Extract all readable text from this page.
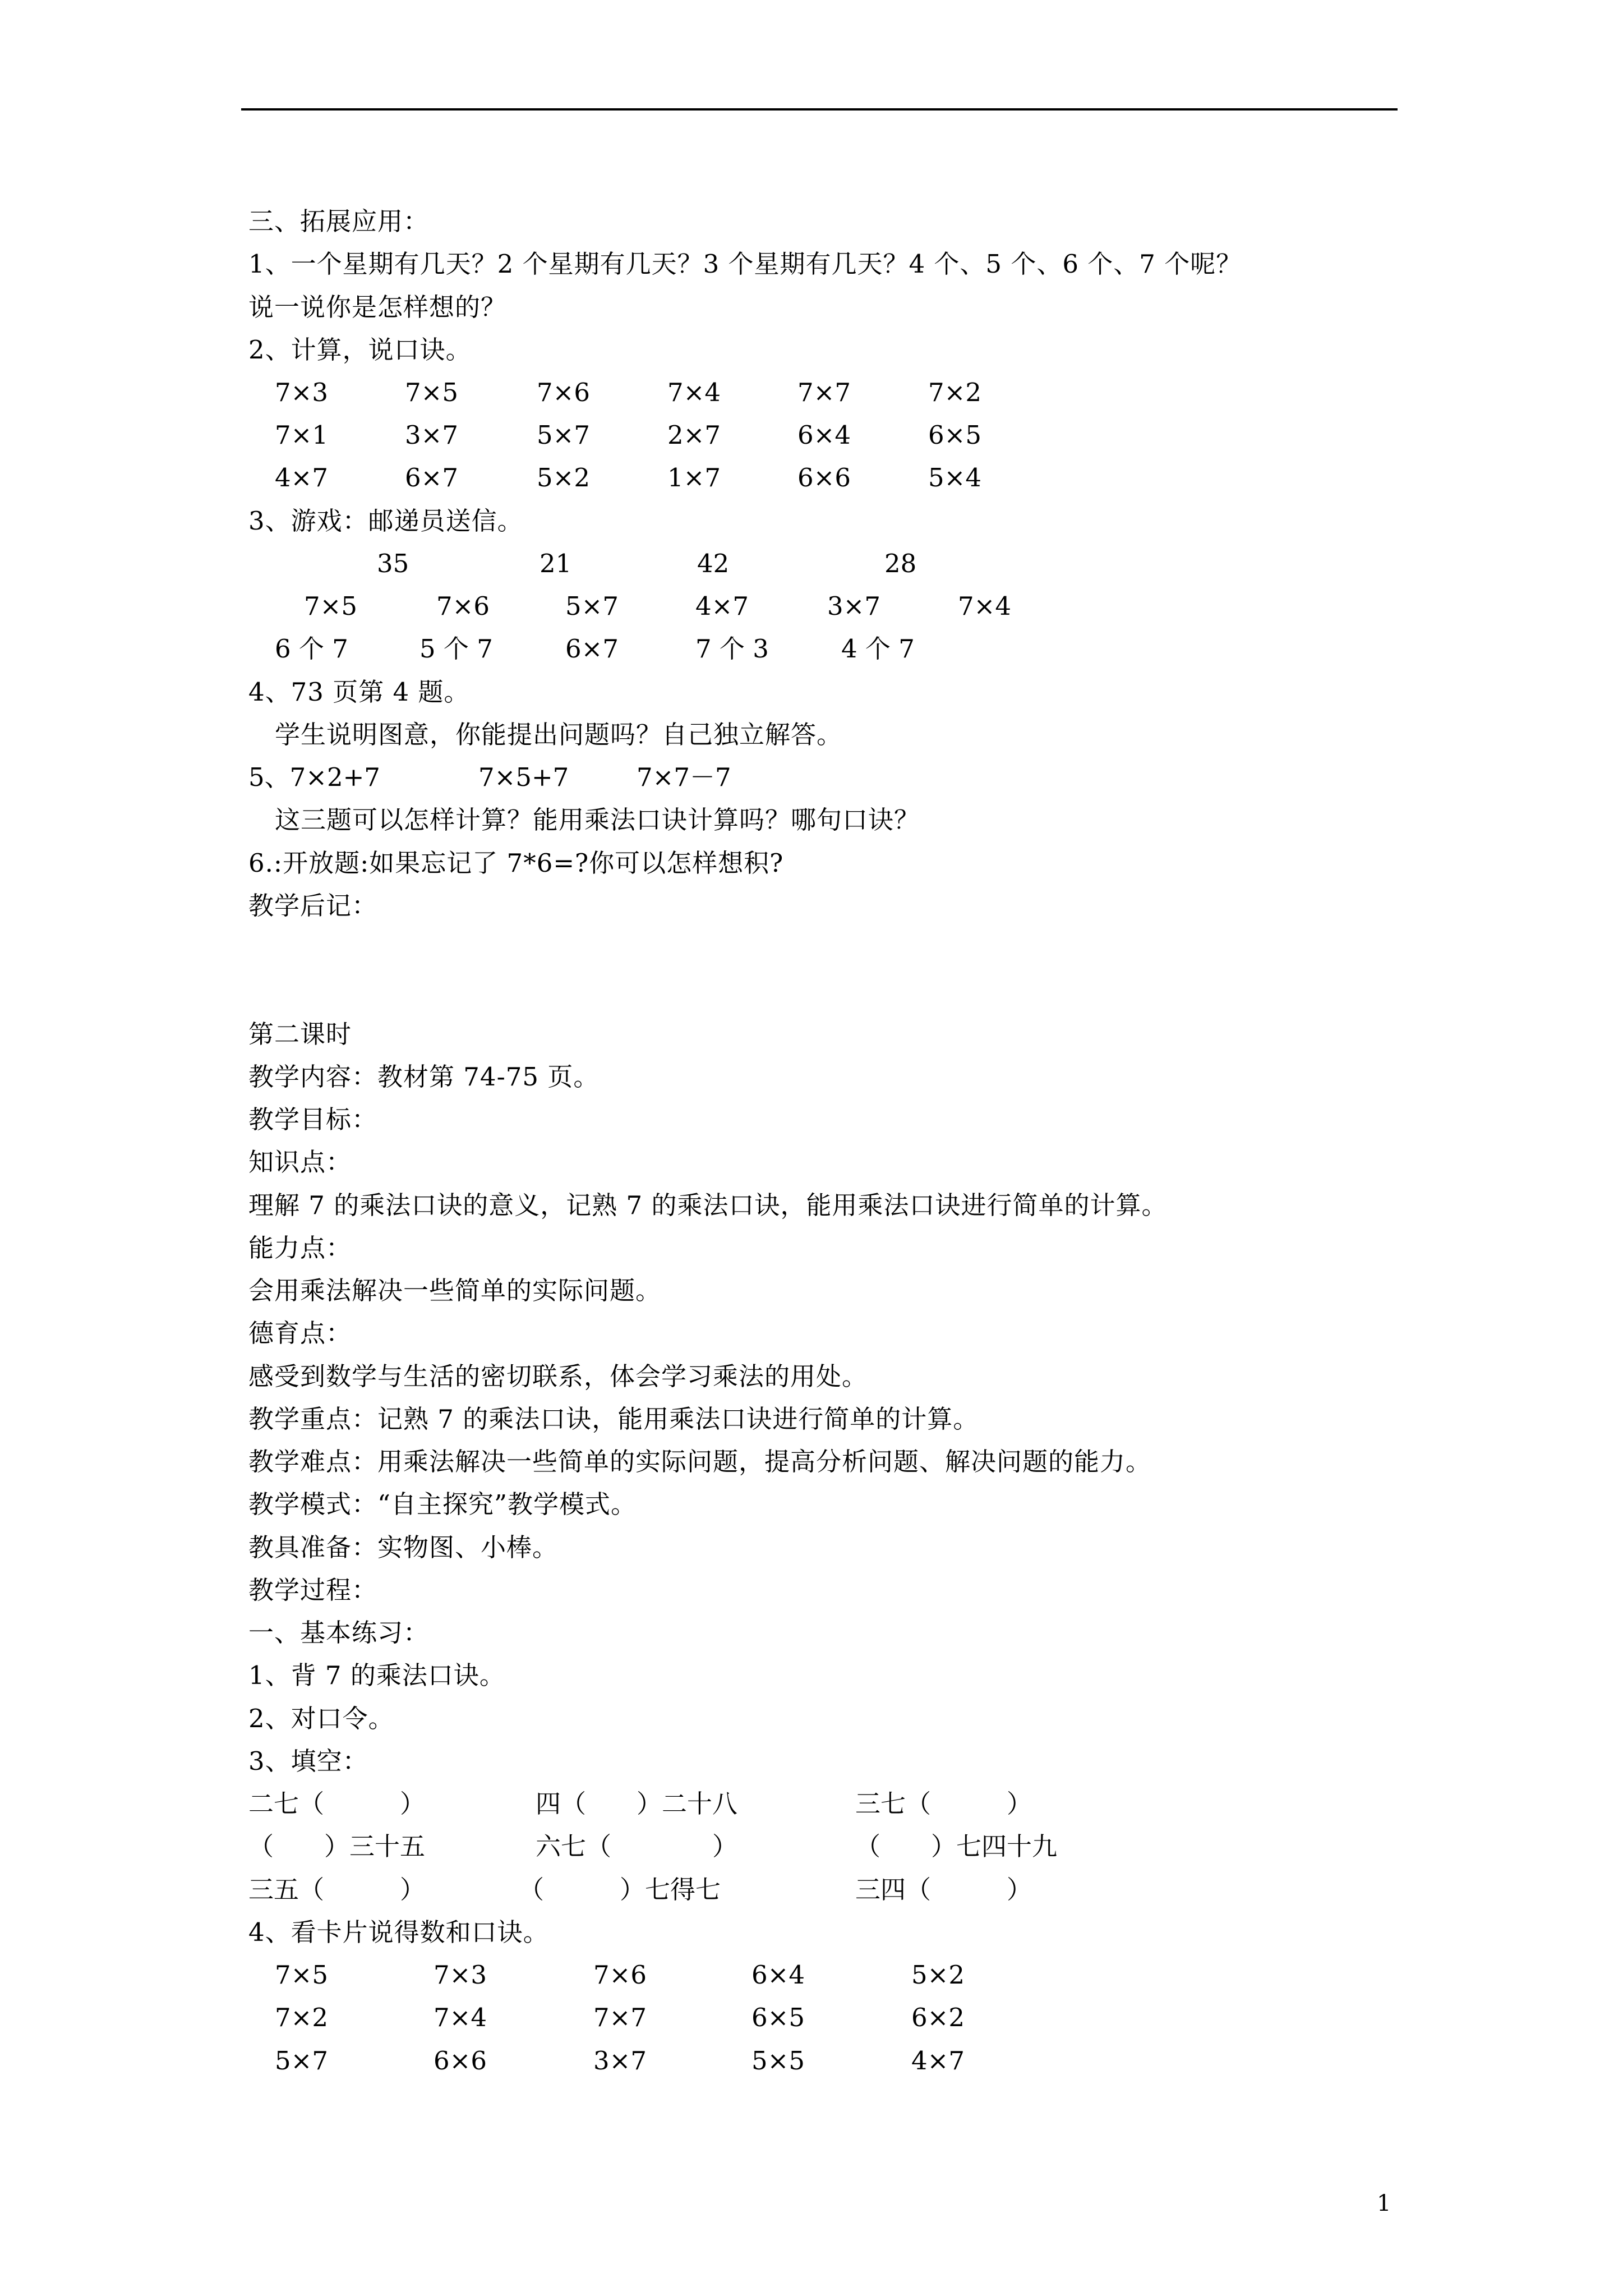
三、拓展应用：
1、一个星期有几天？2 个星期有几天？3 个星期有几天？4 个、5 个、6 个、7 个呢？
说一说你是怎样想的？
2、计算，说口诀。
7×3	7×5	7×6	7×4	7×7	7×2
7×1	3×7	5×7	2×7	6×4	6×5
4×7	6×7	5×2	1×7	6×6	5×4
3、游戏：邮递员送信。
35	21	42	28
7×5	7×6	5×7	4×7	3×7	7×4
6 个 7	5 个 7	6×7	7 个 3	4 个 7
4、73 页第 4 题。
学生说明图意，你能提出问题吗？自己独立解答。
5、7×2+7	7×5+7	7×7－7
这三题可以怎样计算？能用乘法口诀计算吗？哪句口诀？
6.:开放题:如果忘记了 7*6=?你可以怎样想积?
教学后记：
第二课时
教学内容：教材第 74-75 页。
教学目标：
知识点：
理解 7 的乘法口诀的意义，记熟 7 的乘法口诀，能用乘法口诀进行简单的计算。
能力点：
会用乘法解决一些简单的实际问题。
德育点：
感受到数学与生活的密切联系，体会学习乘法的用处。
教学重点：记熟 7 的乘法口诀，能用乘法口诀进行简单的计算。
教学难点：用乘法解决一些简单的实际问题，提高分析问题、解决问题的能力。
教学模式：“自主探究”教学模式。
教具准备：实物图、小棒。
教学过程：
一、基本练习：
1、背 7 的乘法口诀。
2、对口令。
3、填空：
二七（　　　）	四（　　）二十八	三七（　　　）
（　　）三十五	六七（　　　　）	（　　）七四十九
三五（　　　）	（　　　）七得七	三四（　　　）
4、看卡片说得数和口诀。
7×5	7×3	7×6	6×4	5×2
7×2	7×4	7×7	6×5	6×2
5×7	6×6	3×7	5×5	4×7
1
